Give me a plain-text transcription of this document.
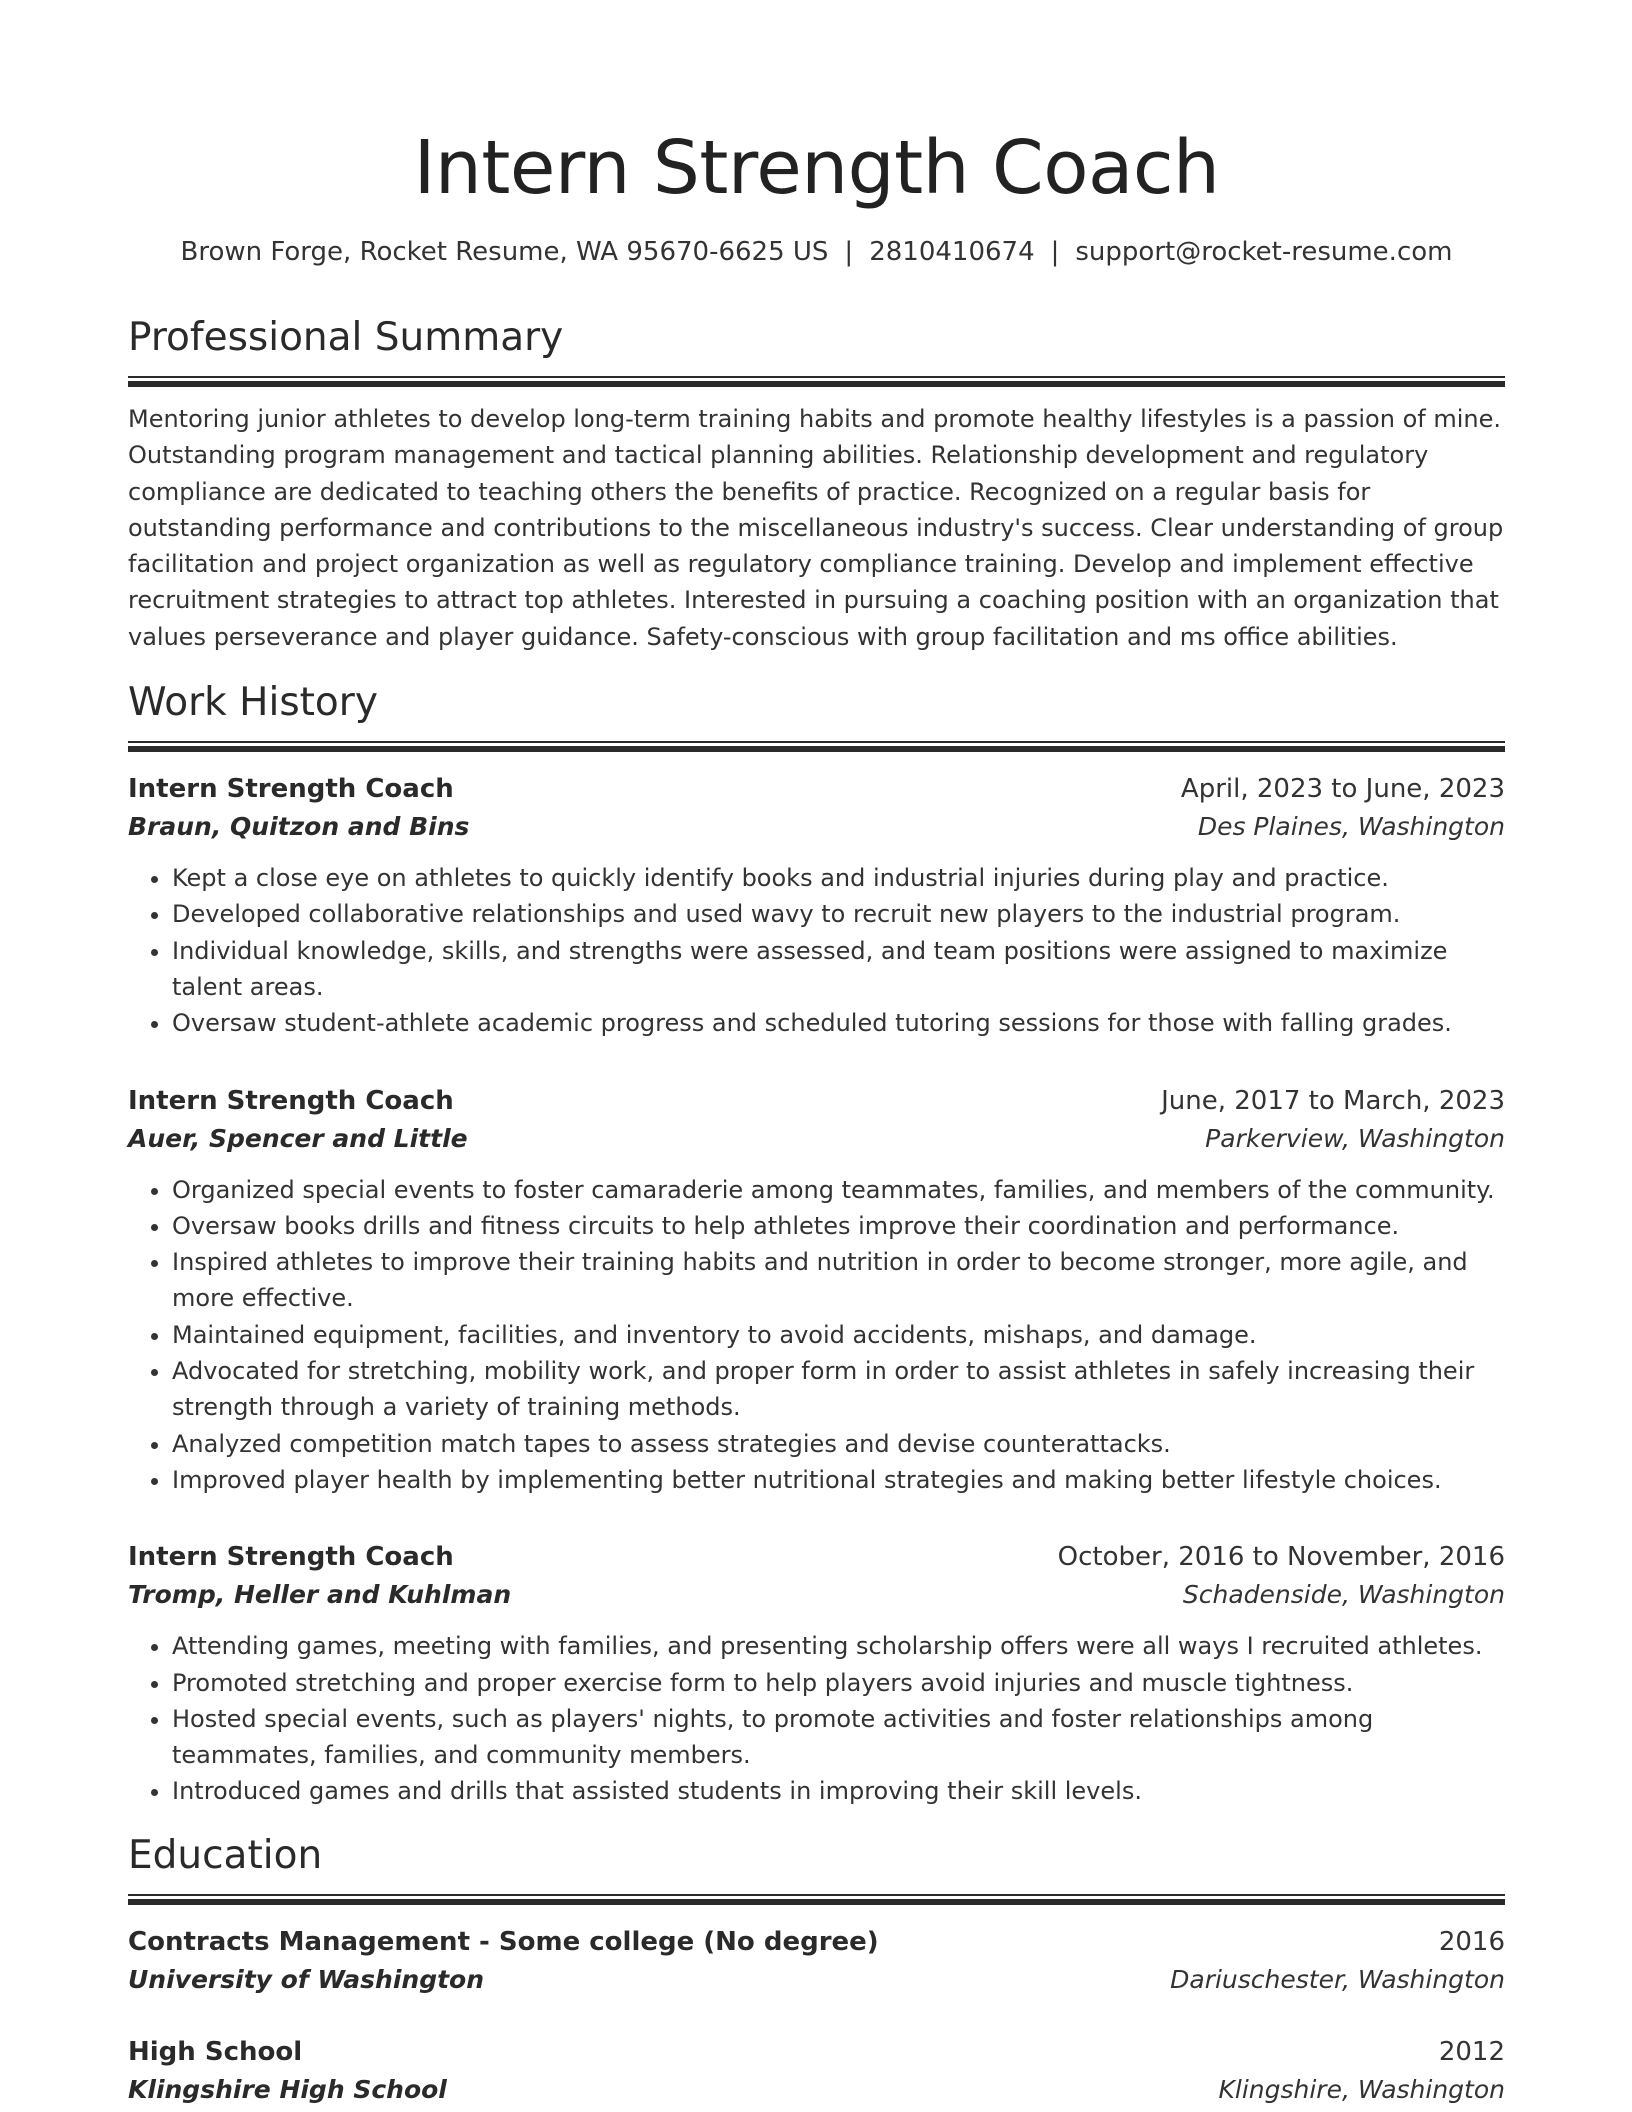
Intern Strength Coach
Brown Forge, Rocket Resume, WA 95670-6625 US | 2810410674 | support@rocket-resume.com
Professional Summary

Mentoring junior athletes to develop long-term training habits and promote healthy lifestyles is a passion of mine. Outstanding program management and tactical planning abilities. Relationship development and regulatory compliance are dedicated to teaching others the benefits of practice. Recognized on a regular basis for outstanding performance and contributions to the miscellaneous industry's success. Clear understanding of group facilitation and project organization as well as regulatory compliance training. Develop and implement effective recruitment strategies to attract top athletes. Interested in pursuing a coaching position with an organization that values perseverance and player guidance. Safety-conscious with group facilitation and ms office abilities.

Work History
Intern Strength Coach	April, 2023 to June, 2023
Braun, Quitzon and Bins	Des Plaines, Washington
• Kept a close eye on athletes to quickly identify books and industrial injuries during play and practice.
• Developed collaborative relationships and used wavy to recruit new players to the industrial program.
• Individual knowledge, skills, and strengths were assessed, and team positions were assigned to maximize talent areas.
• Oversaw student-athlete academic progress and scheduled tutoring sessions for those with falling grades.
Intern Strength Coach	June, 2017 to March, 2023
Auer, Spencer and Little	Parkerview, Washington
• Organized special events to foster camaraderie among teammates, families, and members of the community.
• Oversaw books drills and fitness circuits to help athletes improve their coordination and performance.
• Inspired athletes to improve their training habits and nutrition in order to become stronger, more agile, and more effective.
• Maintained equipment, facilities, and inventory to avoid accidents, mishaps, and damage.
• Advocated for stretching, mobility work, and proper form in order to assist athletes in safely increasing their strength through a variety of training methods.
• Analyzed competition match tapes to assess strategies and devise counterattacks.
• Improved player health by implementing better nutritional strategies and making better lifestyle choices.
Intern Strength Coach	October, 2016 to November, 2016
Tromp, Heller and Kuhlman	Schadenside, Washington
• Attending games, meeting with families, and presenting scholarship offers were all ways I recruited athletes.
• Promoted stretching and proper exercise form to help players avoid injuries and muscle tightness.
• Hosted special events, such as players' nights, to promote activities and foster relationships among teammates, families, and community members.
• Introduced games and drills that assisted students in improving their skill levels.
Education
Contracts Management - Some college (No degree)	2016
University of Washington	Dariuschester, Washington
High School	2012
Klingshire High School	Klingshire, Washington
